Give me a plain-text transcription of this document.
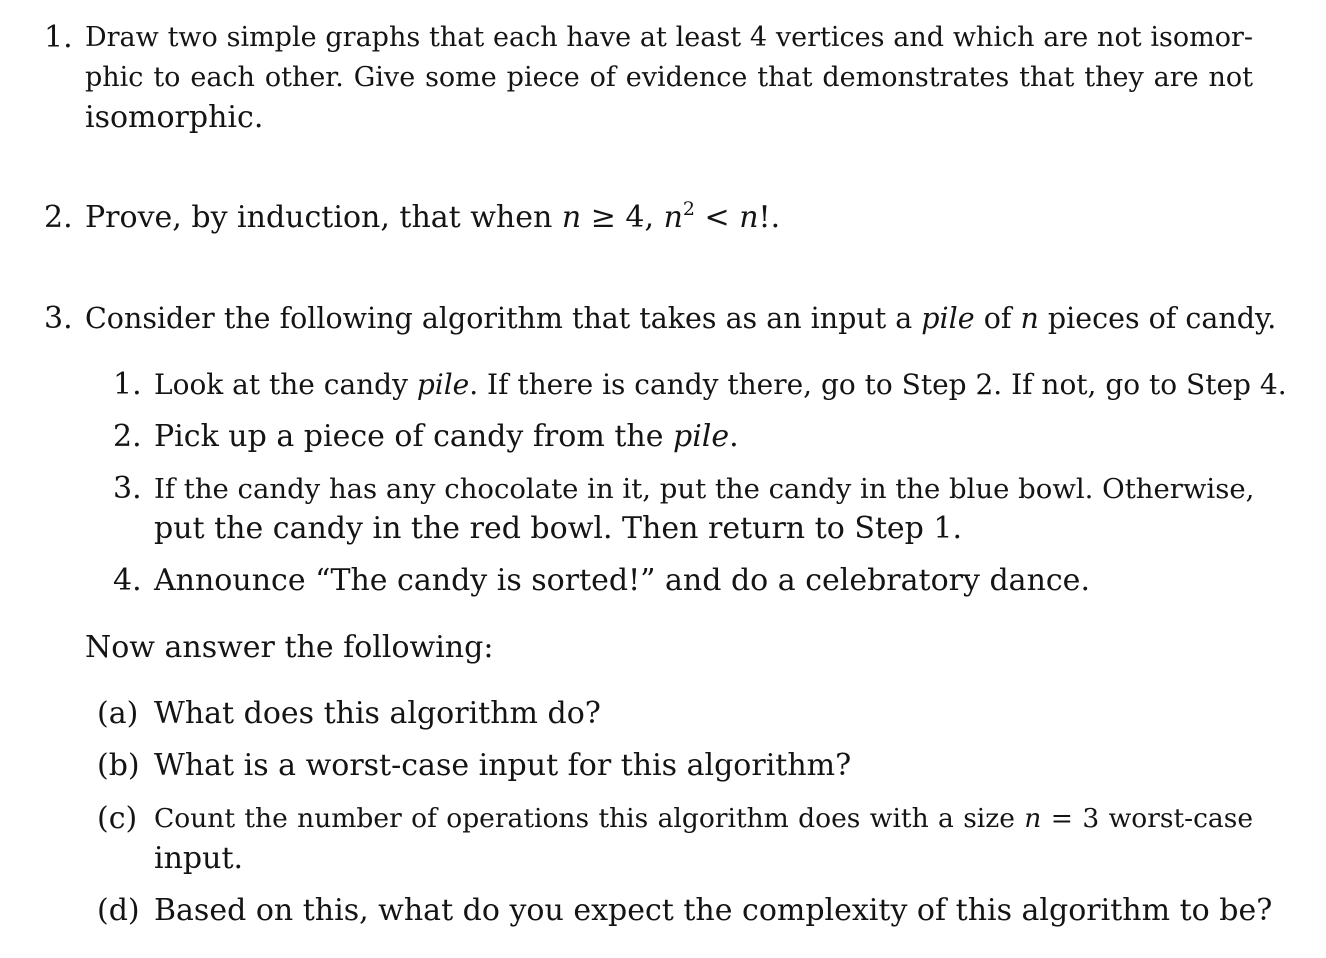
1. Draw two simple graphs that each have at least 4 vertices and which are not isomor-
phic to each other. Give some piece of evidence that demonstrates that they are not
isomorphic.
2. Prove, by induction, that when n ≥ 4, $n^2 < n$!.
3. Consider the following algorithm that takes as an input a pile of n pieces of candy.
1. Look at the candy pile. If there is candy there, go to Step 2. If not, go to Step 4.
2. Pick up a piece of candy from the pile.
3. If the candy has any chocolate in it, put the candy in the blue bowl. Otherwise,
put the candy in the red bowl. Then return to Step 1.
4. Announce “The candy is sorted!” and do a celebratory dance.
Now answer the following:
(a) What does this algorithm do?
(b) What is a worst-case input for this algorithm?
(c) Count the number of operations this algorithm does with a size n = 3 worst-case
input.
(d) Based on this, what do you expect the complexity of this algorithm to be?
